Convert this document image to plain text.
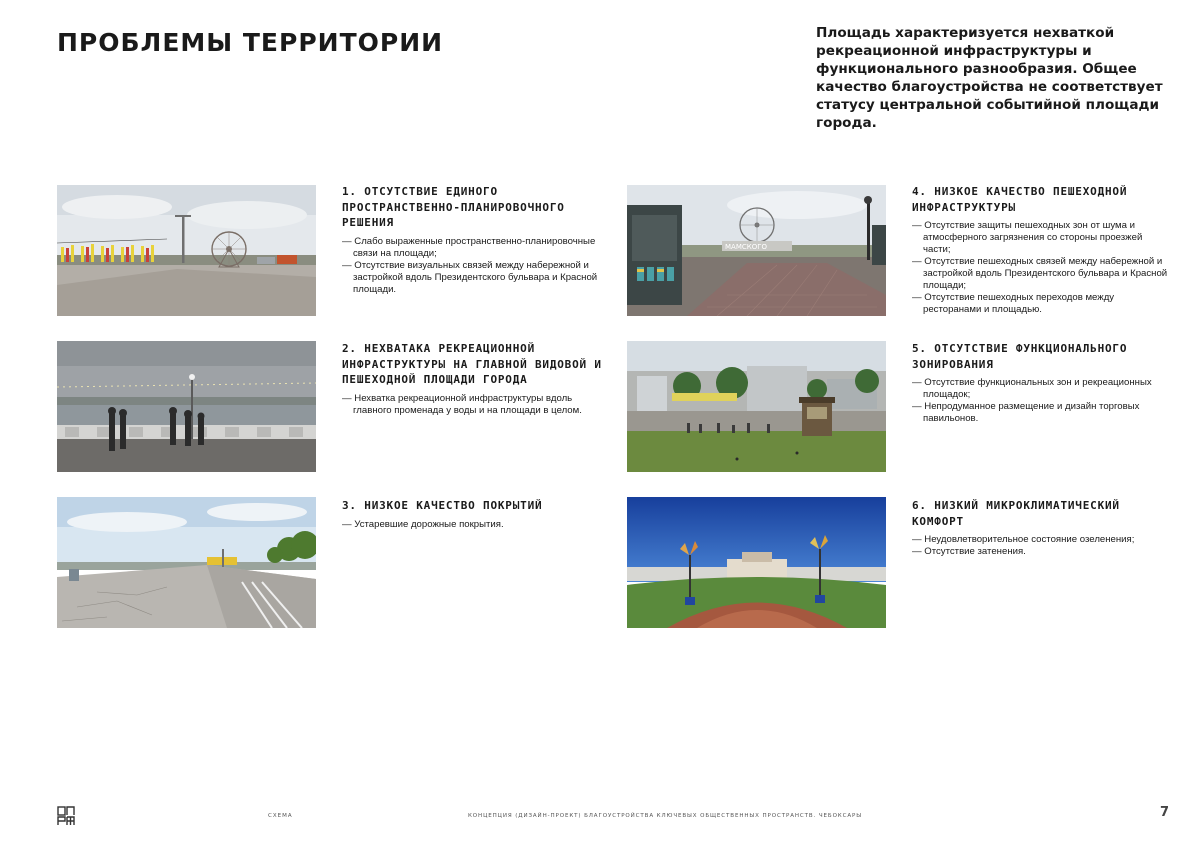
ПРОБЛЕМЫ ТЕРРИТОРИИ	Площадь характеризуется нехваткой рекреационной инфраструктуры и функционального разнообразия. Общее качество благоустройства не соответствует статусу центральной событийной площади города.
МАМСКОГО

1. ОТСУТСТВИЕ ЕДИНОГО ПРОСТРАНСТВЕННО-ПЛАНИРОВОЧНОГО РЕШЕНИЯ

— Слабо выраженные пространственно-планировочные связи на площади;
— Отсутствие визуальных связей между набережной и застройкой вдоль Президентского бульвара и Красной площади.

2. НЕХВАТАКА РЕКРЕАЦИОННОЙ ИНФРАСТРУКТУРЫ НА ГЛАВНОЙ ВИДОВОЙ И ПЕШЕХОДНОЙ ПЛОЩАДИ ГОРОДА

— Нехватка рекреационной инфраструктуры вдоль главного променада у воды и на площади в целом.

3. НИЗКОЕ КАЧЕСТВО ПОКРЫТИЙ

— Устаревшие дорожные покрытия.

4. НИЗКОЕ КАЧЕСТВО ПЕШЕХОДНОЙ ИНФРАСТРУКТУРЫ

— Отсутствие защиты пешеходных зон от шума и атмосферного загрязнения со стороны проезжей части;
— Отсутствие пешеходных связей между набережной и застройкой вдоль Президентского бульвара и Красной площади;
— Отсутствие пешеходных переходов между ресторанами и площадью.

5. ОТСУТСТВИЕ ФУНКЦИОНАЛЬНОГО ЗОНИРОВАНИЯ

— Отсутствие функциональных зон и рекреационных площадок;
— Непродуманное размещение и дизайн торговых павильонов.

6. НИЗКИЙ МИКРОКЛИМАТИЧЕСКИЙ КОМФОРТ

— Неудовлетворительное состояние озеленения;
— Отсутствие затенения.
СХЕМА	КОНЦЕПЦИЯ (ДИЗАЙН-ПРОЕКТ) БЛАГОУСТРОЙСТВА КЛЮЧЕВЫХ ОБЩЕСТВЕННЫХ ПРОСТРАНСТВ. ЧЕБОКСАРЫ	7
